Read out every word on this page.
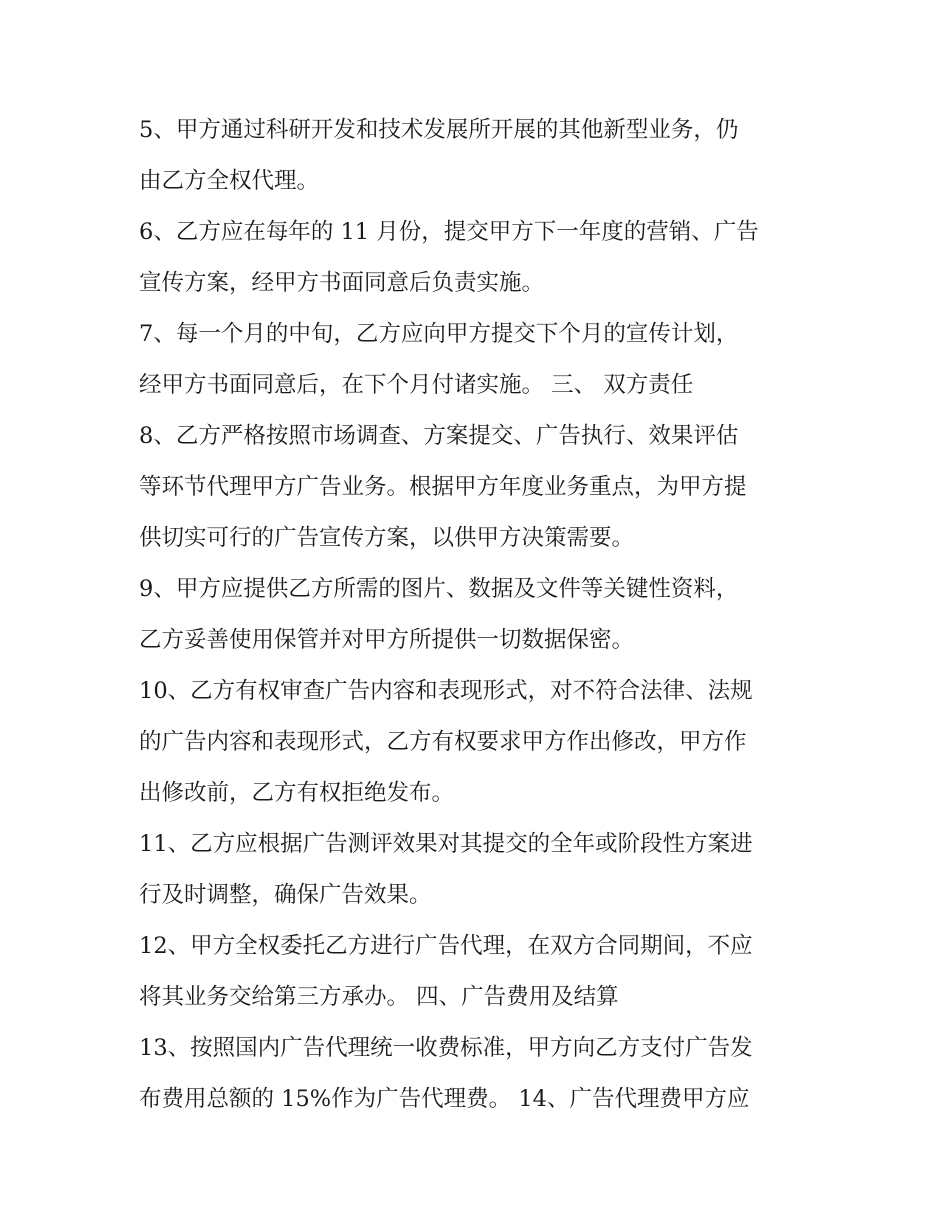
5、甲方通过科研开发和技术发展所开展的其他新型业务，仍

由乙方全权代理。

6、乙方应在每年的 11 月份，提交甲方下一年度的营销、广告

宣传方案，经甲方书面同意后负责实施。

7、每一个月的中旬，乙方应向甲方提交下个月的宣传计划，

经甲方书面同意后，在下个月付诸实施。 三、 双方责任

8、乙方严格按照市场调查、方案提交、广告执行、效果评估

等环节代理甲方广告业务。根据甲方年度业务重点，为甲方提

供切实可行的广告宣传方案，以供甲方决策需要。

9、甲方应提供乙方所需的图片、数据及文件等关键性资料，

乙方妥善使用保管并对甲方所提供一切数据保密。

10、乙方有权审查广告内容和表现形式，对不符合法律、法规

的广告内容和表现形式，乙方有权要求甲方作出修改，甲方作

出修改前，乙方有权拒绝发布。

11、乙方应根据广告测评效果对其提交的全年或阶段性方案进

行及时调整，确保广告效果。

12、甲方全权委托乙方进行广告代理，在双方合同期间，不应

将其业务交给第三方承办。 四、广告费用及结算

13、按照国内广告代理统一收费标准，甲方向乙方支付广告发

布费用总额的 15%作为广告代理费。 14、广告代理费甲方应
